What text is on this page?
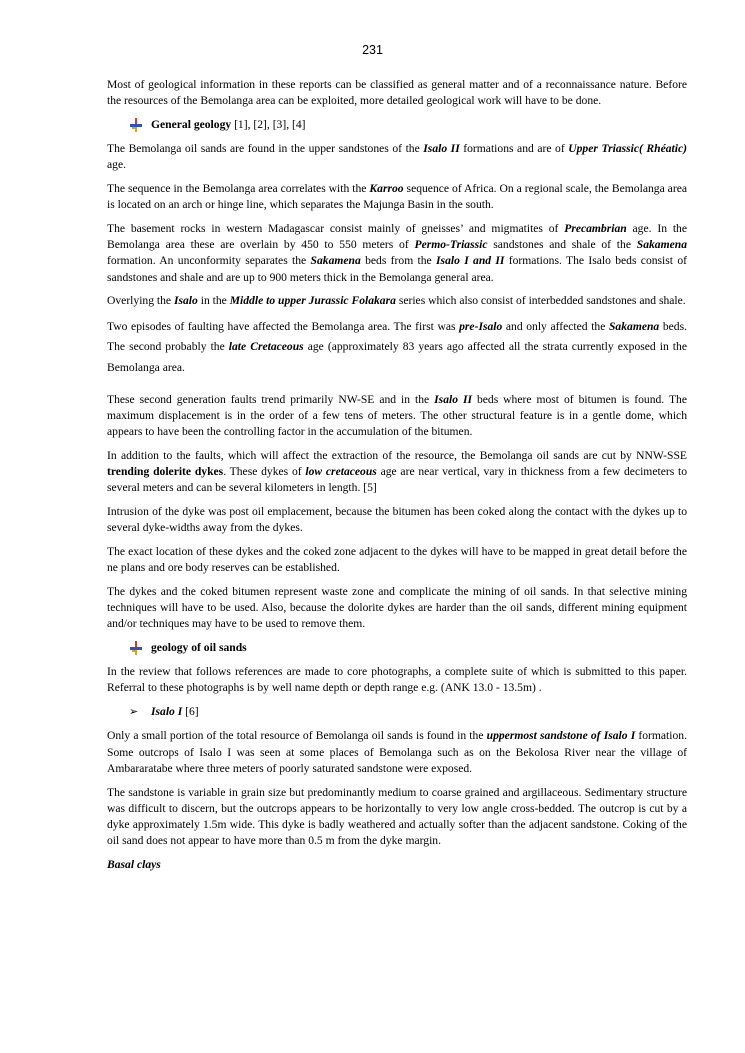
231

Most of geological information in these reports can be classified as general matter and of a reconnaissance nature. Before the resources of the Bemolanga area can be exploited, more detailed geological work will have to be done.

General geology [1], [2], [3], [4]

The Bemolanga oil sands are found in the upper sandstones of the Isalo II formations and are of Upper Triassic( Rhéatic) age.

The sequence in the Bemolanga area correlates with the Karroo sequence of Africa. On a regional scale, the Bemolanga area is located on an arch or hinge line, which separates the Majunga Basin in the south.

The basement rocks in western Madagascar consist mainly of gneisses’ and migmatites of Precambrian age. In the Bemolanga area these are overlain by 450 to 550 meters of Permo-Triassic sandstones and shale of the Sakamena formation. An unconformity separates the Sakamena beds from the Isalo I and II formations. The Isalo beds consist of sandstones and shale and are up to 900 meters thick in the Bemolanga general area.

Overlying the Isalo in the Middle to upper Jurassic Folakara series which also consist of interbedded sandstones and shale.

Two episodes of faulting have affected the Bemolanga area. The first was pre-Isalo and only affected the Sakamena beds. The second probably the late Cretaceous age (approximately 83 years ago affected all the strata currently exposed in the Bemolanga area.

These second generation faults trend primarily NW-SE and in the Isalo II beds where most of bitumen is found. The maximum displacement is in the order of a few tens of meters. The other structural feature is in a gentle dome, which appears to have been the controlling factor in the accumulation of the bitumen.

In addition to the faults, which will affect the extraction of the resource, the Bemolanga oil sands are cut by NNW-SSE trending dolerite dykes. These dykes of low cretaceous age are near vertical, vary in thickness from a few decimeters to several meters and can be several kilometers in length. [5]

Intrusion of the dyke was post oil emplacement, because the bitumen has been coked along the contact with the dykes up to several dyke-widths away from the dykes.

The exact location of these dykes and the coked zone adjacent to the dykes will have to be mapped in great detail before the ne plans and ore body reserves can be established.

The dykes and the coked bitumen represent waste zone and complicate the mining of oil sands. In that selective mining techniques will have to be used. Also, because the dolorite dykes are harder than the oil sands, different mining equipment and/or techniques may have to be used to remove them.

geology of oil sands

In the review that follows references are made to core photographs, a complete suite of which is submitted to this paper. Referral to these photographs is by well name depth or depth range e.g. (ANK 13.0 - 13.5m) .

➢	Isalo I [6]

Only a small portion of the total resource of Bemolanga oil sands is found in the uppermost sandstone of Isalo I formation. Some outcrops of Isalo I was seen at some places of Bemolanga such as on the Bekolosa River near the village of Ambararatabe where three meters of poorly saturated sandstone were exposed.

The sandstone is variable in grain size but predominantly medium to coarse grained and argillaceous. Sedimentary structure was difficult to discern, but the outcrops appears to be horizontally to very low angle cross-bedded. The outcrop is cut by a dyke approximately 1.5m wide. This dyke is badly weathered and actually softer than the adjacent sandstone. Coking of the oil sand does not appear to have more than 0.5 m from the dyke margin.

Basal clays
